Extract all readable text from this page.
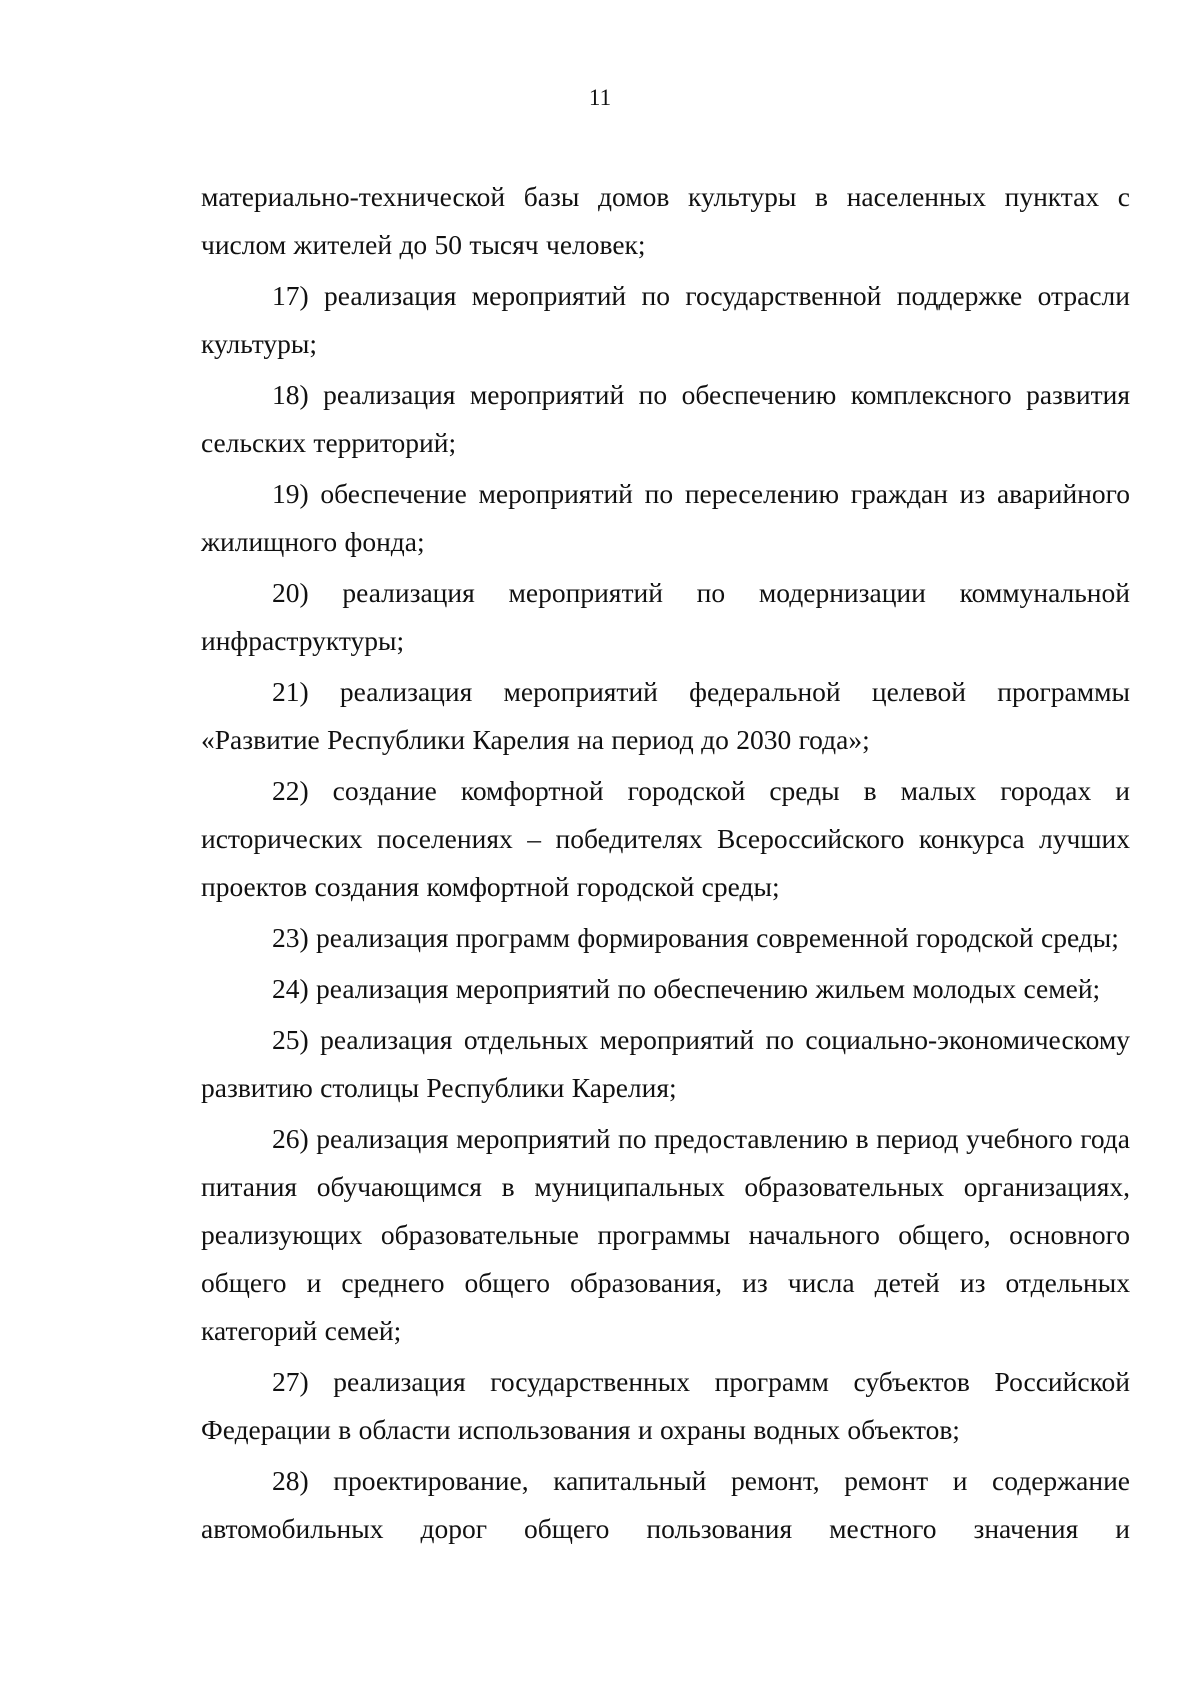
11

материально-технической базы домов культуры в населенных пунктах с числом жителей до 50 тысяч человек;

17) реализация мероприятий по государственной поддержке отрасли культуры;

18) реализация мероприятий по обеспечению комплексного развития сельских территорий;

19) обеспечение мероприятий по переселению граждан из аварийного жилищного фонда;

20) реализация мероприятий по модернизации коммунальной инфраструктуры;

21) реализация мероприятий федеральной целевой программы «Развитие Республики Карелия на период до 2030 года»;

22) создание комфортной городской среды в малых городах и исторических поселениях – победителях Всероссийского конкурса лучших проектов создания комфортной городской среды;

23) реализация программ формирования современной городской среды;

24) реализация мероприятий по обеспечению жильем молодых семей;

25) реализация отдельных мероприятий по социально-экономическому развитию столицы Республики Карелия;

26) реализация мероприятий по предоставлению в период учебного года питания обучающимся в муниципальных образовательных организациях, реализующих образовательные программы начального общего, основного общего и среднего общего образования, из числа детей из отдельных категорий семей;

27) реализация государственных программ субъектов Российской Федерации в области использования и охраны водных объектов;

28) проектирование, капитальный ремонт, ремонт и содержание автомобильных дорог общего пользования местного значения и
